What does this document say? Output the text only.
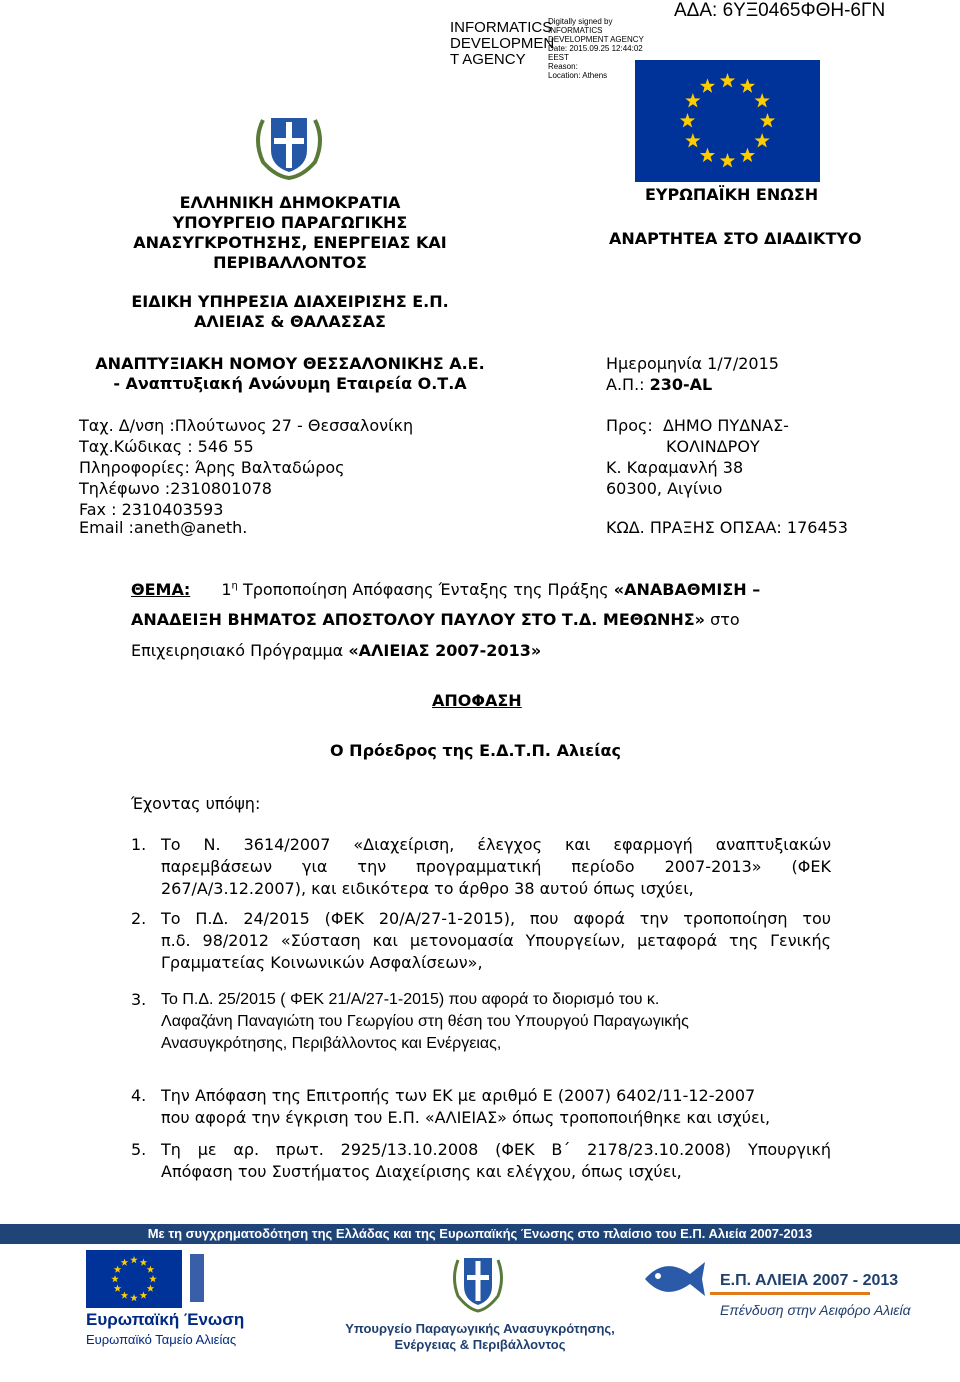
INFORMATICS
DEVELOPMEN
T AGENCY
Digitally signed by
INFORMATICS
DEVELOPMENT AGENCY
Date: 2015.09.25 12:44:02
EEST
Reason:
Location: Athens
ΑΔΑ: 6ΥΞ0465ΦΘΗ-6ΓΝ
ΕΛΛΗΝΙΚΗ ΔΗΜΟΚΡΑΤΙΑ
ΥΠΟΥΡΓΕΙΟ ΠΑΡΑΓΩΓΙΚΗΣ
ΑΝΑΣΥΓΚΡΟΤΗΣΗΣ, ΕΝΕΡΓΕΙΑΣ ΚΑΙ
ΠΕΡΙΒΑΛΛΟΝΤΟΣ
ΕΙΔΙΚΗ ΥΠΗΡΕΣΙΑ ΔΙΑΧΕΙΡΙΣΗΣ Ε.Π.
ΑΛΙΕΙΑΣ & ΘΑΛΑΣΣΑΣ
ΑΝΑΠΤΥΞΙΑΚΗ ΝΟΜΟΥ ΘΕΣΣΑΛΟΝΙΚΗΣ Α.Ε.
- Αναπτυξιακή Ανώνυμη Εταιρεία Ο.Τ.Α
ΕΥΡΩΠΑΪΚΗ ΕΝΩΣΗ
ΑΝΑΡΤΗΤΕΑ ΣΤΟ ΔΙΑΔΙΚΤΥΟ
Ημερομηνία 1/7/2015
Α.Π.: 230-AL
Ταχ. Δ/νση :Πλούτωνος 27 - Θεσσαλονίκη
Ταχ.Κώδικας : 546 55
Πληροφορίες: Άρης Βαλταδώρος
Τηλέφωνο :2310801078
Fax : 2310403593
Email :aneth@aneth.
Προς: ΔΗΜΟ ΠΥΔΝΑΣ-
ΚΟΛΙΝΔΡΟΥ
Κ. Καραμανλή 38
60300, Αιγίνιο
ΚΩΔ. ΠΡΑΞΗΣ ΟΠΣΑΑ: 176453
ΘΕΜΑ: $1^\eta$ Τροποποίηση Απόφασης Ένταξης της Πράξης «ΑΝΑΒΑΘΜΙΣΗ –
ΑΝΑΔΕΙΞΗ ΒΗΜΑΤΟΣ ΑΠΟΣΤΟΛΟΥ ΠΑΥΛΟΥ ΣΤΟ Τ.Δ. ΜΕΘΩΝΗΣ» στο
Επιχειρησιακό Πρόγραμμα «ΑΛΙΕΙΑΣ 2007-2013»
ΑΠΟΦΑΣΗ
Ο Πρόεδρος της Ε.Δ.Τ.Π. Αλιείας
Έχοντας υπόψη:
1. Το Ν. 3614/2007 «Διαχείριση, έλεγχος και εφαρμογή αναπτυξιακών
παρεμβάσεων για την προγραμματική περίοδο 2007-2013» (ΦΕΚ
267/Α/3.12.2007), και ειδικότερα το άρθρο 38 αυτού όπως ισχύει,
2. Το Π.Δ. 24/2015 (ΦΕΚ 20/Α/27-1-2015), που αφορά την τροποποίηση του
π.δ. 98/2012 «Σύσταση και μετονομασία Υπουργείων, μεταφορά της Γενικής
Γραμματείας Κοινωνικών Ασφαλίσεων»,
3. Το Π.Δ. 25/2015 ( ΦΕΚ 21/Α/27-1-2015) που αφορά το διορισμό του κ.
Λαφαζάνη Παναγιώτη του Γεωργίου στη θέση του Υπουργού Παραγωγικής
Ανασυγκρότησης, Περιβάλλοντος και Ενέργειας,
4. Την Απόφαση της Επιτροπής των ΕΚ με αριθμό Ε (2007) 6402/11-12-2007
που αφορά την έγκριση του Ε.Π. «ΑΛΙΕΙΑΣ» όπως τροποποιήθηκε και ισχύει,
5. Τη με αρ. πρωτ. 2925/13.10.2008 (ΦΕΚ Β΄ 2178/23.10.2008) Υπουργική
Απόφαση του Συστήματος Διαχείρισης και ελέγχου, όπως ισχύει,
Με τη συγχρηματοδότηση της Ελλάδας και της Ευρωπαϊκής Ένωσης στο πλαίσιο του Ε.Π. Αλιεία 2007-2013
Ευρωπαϊκή Ένωση
Ευρωπαϊκό Ταμείο Αλιείας
Υπουργείο Παραγωγικής Ανασυγκρότησης,
Ενέργειας & Περιβάλλοντος
Ε.Π. ΑΛΙΕΙΑ 2007 - 2013
Επένδυση στην Αειφόρο Αλιεία
